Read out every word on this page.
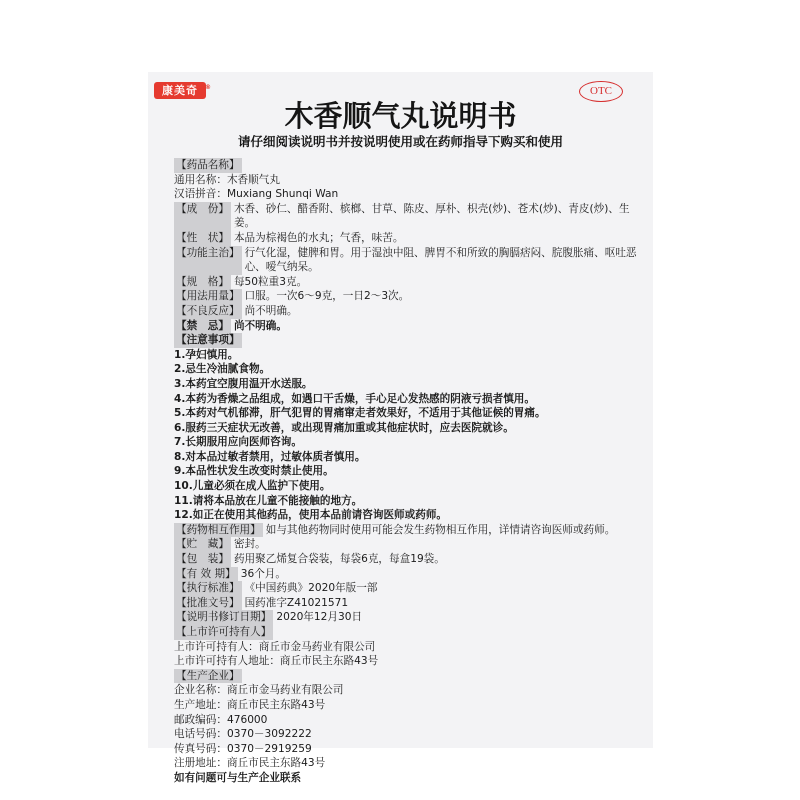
康美奇 ®	OTC
木香顺气丸说明书
请仔细阅读说明书并按说明使用或在药师指导下购买和使用
【药品名称】
通用名称：木香顺气丸
汉语拼音：Muxiang Shunqi Wan
【成　份】 木香、砂仁、醋香附、槟榔、甘草、陈皮、厚朴、枳壳(炒)、苍术(炒)、青皮(炒)、生姜。
【性　状】 本品为棕褐色的水丸；气香，味苦。
【功能主治】 行气化湿，健脾和胃。用于湿浊中阻、脾胃不和所致的胸膈痞闷、脘腹胀痛、呕吐恶心、嗳气纳呆。
【规　格】 每50粒重3克。
【用法用量】 口服。一次6～9克，一日2～3次。
【不良反应】 尚不明确。
【禁　忌】 尚不明确。
【注意事项】
1.孕妇慎用。
2.忌生冷油腻食物。
3.本药宜空腹用温开水送服。
4.本药为香燥之品组成，如遇口干舌燥，手心足心发热感的阴液亏损者慎用。
5.本药对气机郁滞，肝气犯胃的胃痛窜走者效果好，不适用于其他证候的胃痛。
6.服药三天症状无改善，或出现胃痛加重或其他症状时，应去医院就诊。
7.长期服用应向医师咨询。
8.对本品过敏者禁用，过敏体质者慎用。
9.本品性状发生改变时禁止使用。
10.儿童必须在成人监护下使用。
11.请将本品放在儿童不能接触的地方。
12.如正在使用其他药品，使用本品前请咨询医师或药师。
【药物相互作用】 如与其他药物同时使用可能会发生药物相互作用，详情请咨询医师或药师。
【贮　藏】 密封。
【包　装】 药用聚乙烯复合袋装，每袋6克，每盒19袋。
【有 效 期】 36个月。
【执行标准】 《中国药典》2020年版一部
【批准文号】 国药准字Z41021571
【说明书修订日期】 2020年12月30日
【上市许可持有人】
上市许可持有人：商丘市金马药业有限公司
上市许可持有人地址：商丘市民主东路43号
【生产企业】
企业名称：商丘市金马药业有限公司
生产地址：商丘市民主东路43号
邮政编码：476000
电话号码：0370－3092222
传真号码：0370－2919259
注册地址：商丘市民主东路43号
如有问题可与生产企业联系
